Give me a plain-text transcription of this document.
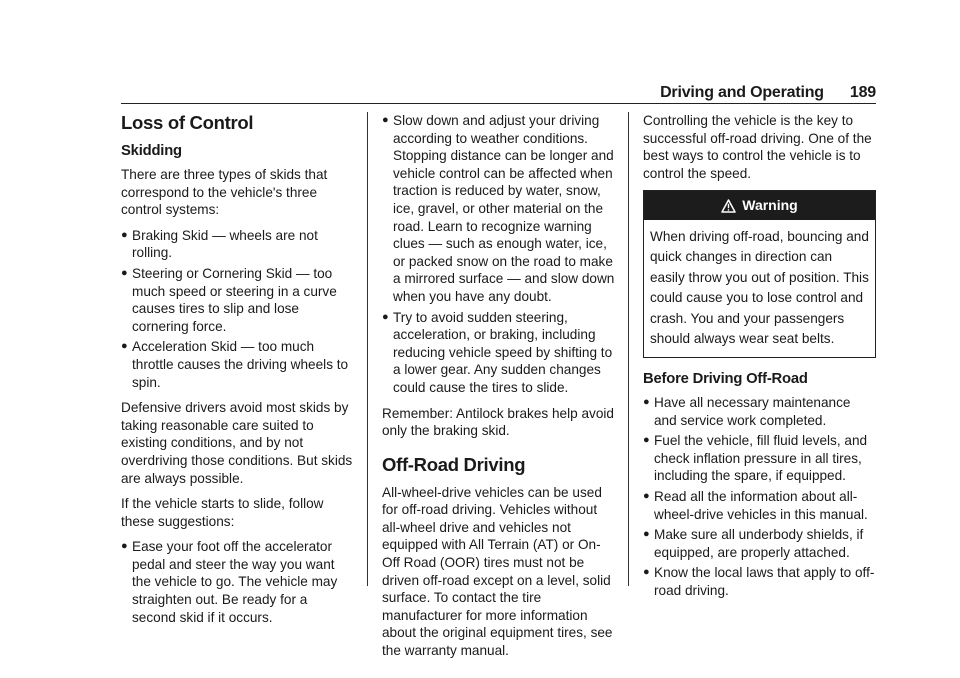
Driving and Operating 189
Loss of Control
Skidding

There are three types of skids that correspond to the vehicle's three control systems:

● Braking Skid — wheels are not rolling.
● Steering or Cornering Skid — too much speed or steering in a curve causes tires to slip and lose cornering force.
● Acceleration Skid — too much throttle causes the driving wheels to spin.

Defensive drivers avoid most skids by taking reasonable care suited to existing conditions, and by not overdriving those conditions. But skids are always possible.

If the vehicle starts to slide, follow these suggestions:

● Ease your foot off the accelerator pedal and steer the way you want the vehicle to go. The vehicle may straighten out. Be ready for a second skid if it occurs.
● Slow down and adjust your driving according to weather conditions. Stopping distance can be longer and vehicle control can be affected when traction is reduced by water, snow, ice, gravel, or other material on the road. Learn to recognize warning clues — such as enough water, ice, or packed snow on the road to make a mirrored surface — and slow down when you have any doubt.
● Try to avoid sudden steering, acceleration, or braking, including reducing vehicle speed by shifting to a lower gear. Any sudden changes could cause the tires to slide.

Remember: Antilock brakes help avoid only the braking skid.

Off-Road Driving

All-wheel-drive vehicles can be used for off-road driving. Vehicles without all-wheel drive and vehicles not equipped with All Terrain (AT) or On-Off Road (OOR) tires must not be driven off-road except on a level, solid surface. To contact the tire manufacturer for more information about the original equipment tires, see the warranty manual.

Controlling the vehicle is the key to successful off-road driving. One of the best ways to control the vehicle is to control the speed.

Warning
When driving off-road, bouncing and quick changes in direction can easily throw you out of position. This could cause you to lose control and crash. You and your passengers should always wear seat belts.
Before Driving Off-Road
● Have all necessary maintenance and service work completed.
● Fuel the vehicle, fill fluid levels, and check inflation pressure in all tires, including the spare, if equipped.
● Read all the information about all-wheel-drive vehicles in this manual.
● Make sure all underbody shields, if equipped, are properly attached.
● Know the local laws that apply to off-road driving.
